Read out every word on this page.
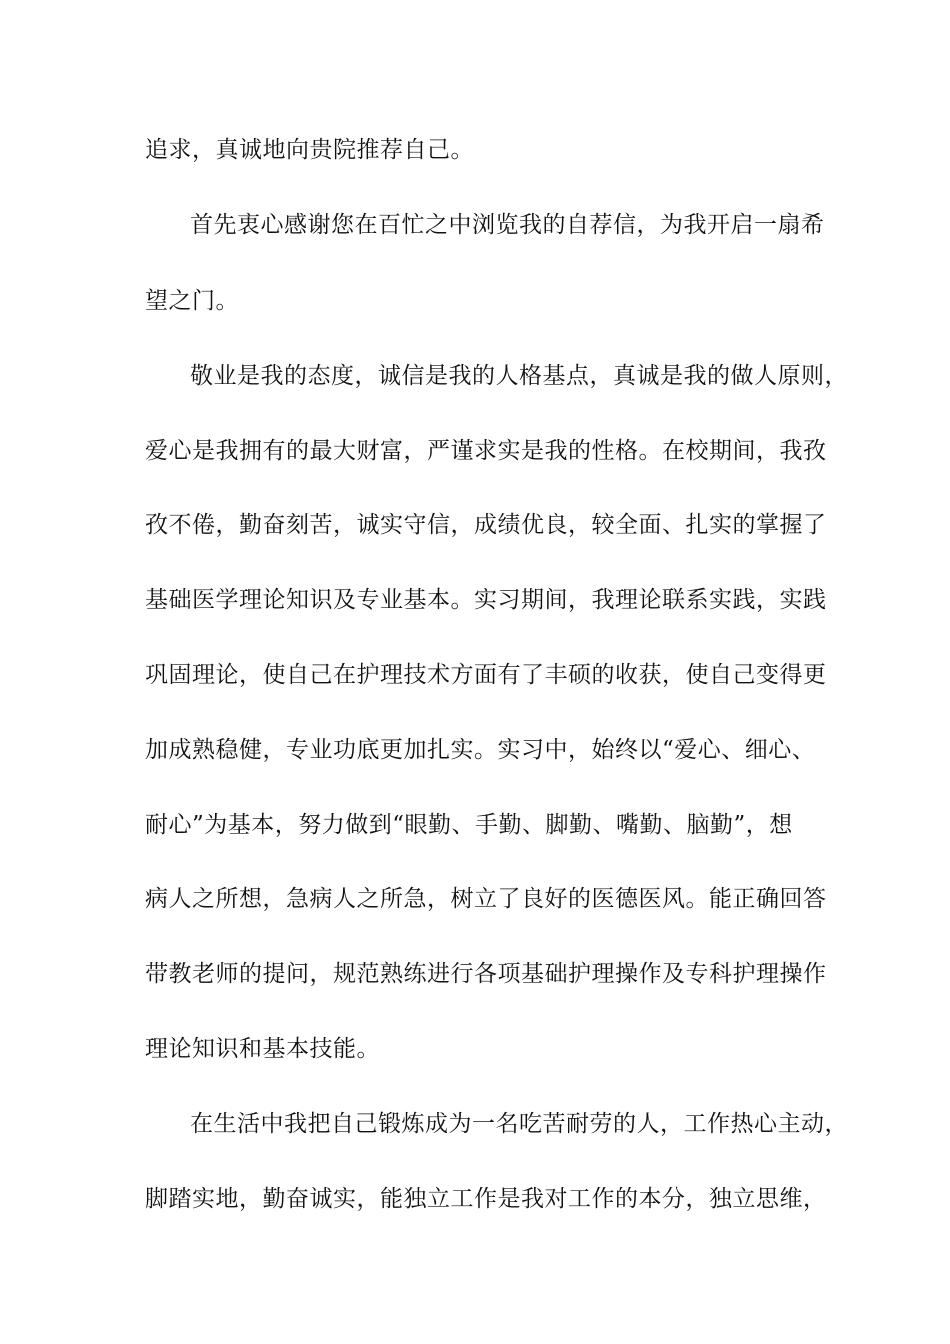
追求，真诚地向贵院推荐自己。
首先衷心感谢您在百忙之中浏览我的自荐信，为我开启一扇希
望之门。
敬业是我的态度，诚信是我的人格基点，真诚是我的做人原则，
爱心是我拥有的最大财富，严谨求实是我的性格。在校期间，我孜
孜不倦，勤奋刻苦，诚实守信，成绩优良，较全面、扎实的掌握了
基础医学理论知识及专业基本。实习期间，我理论联系实践，实践
巩固理论，使自己在护理技术方面有了丰硕的收获，使自己变得更
加成熟稳健，专业功底更加扎实。实习中，始终以“爱心、细心、
耐心”为基本，努力做到“眼勤、手勤、脚勤、嘴勤、脑勤”，想
病人之所想，急病人之所急，树立了良好的医德医风。能正确回答
带教老师的提问，规范熟练进行各项基础护理操作及专科护理操作
理论知识和基本技能。
在生活中我把自己锻炼成为一名吃苦耐劳的人，工作热心主动，
脚踏实地，勤奋诚实，能独立工作是我对工作的本分，独立思维，
